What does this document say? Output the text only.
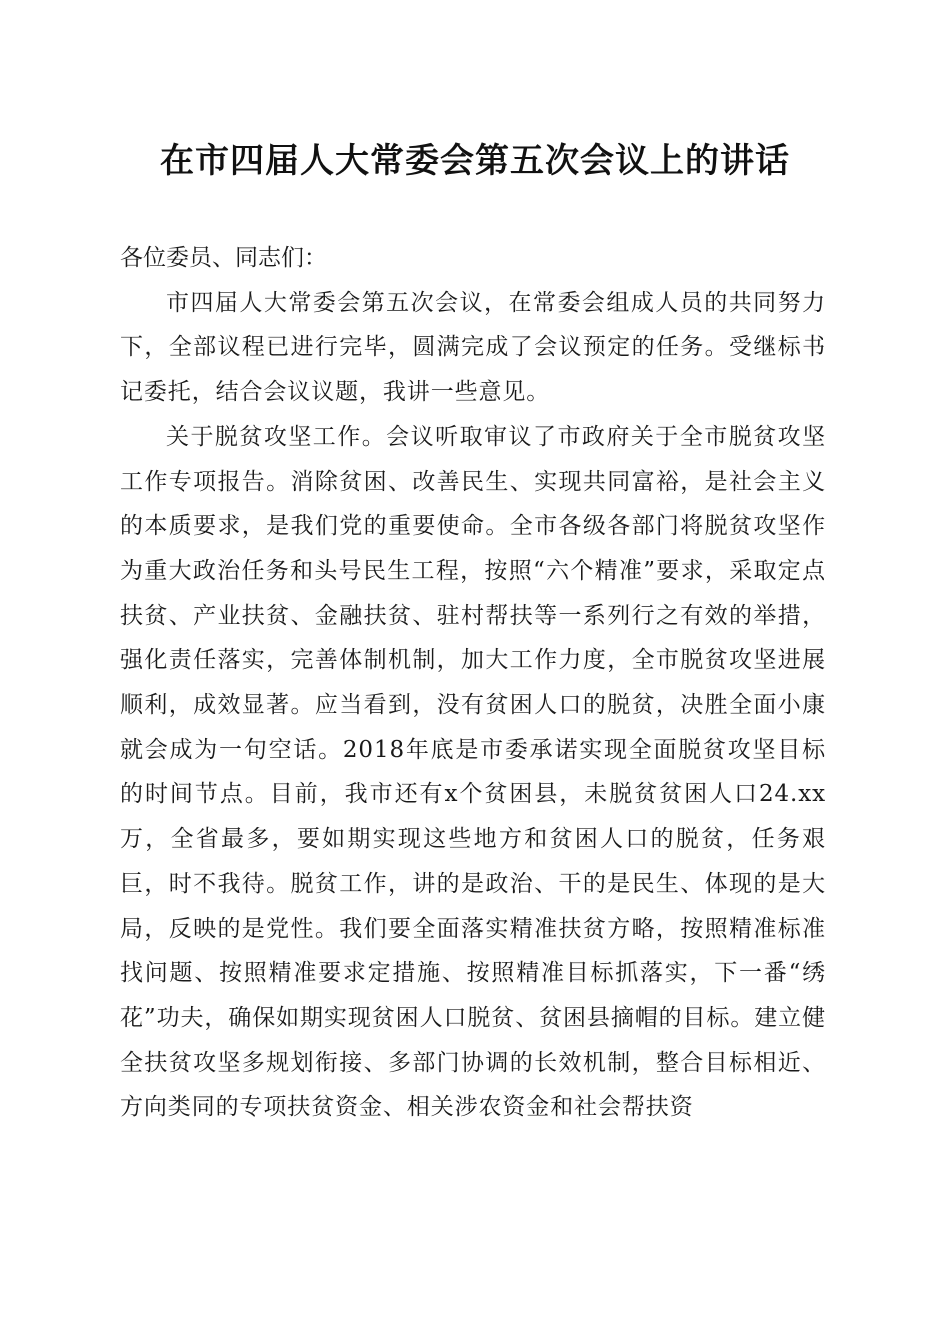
在市四届人大常委会第五次会议上的讲话

各位委员、同志们：

市四届人大常委会第五次会议，在常委会组成人员的共同努力下，全部议程已进行完毕，圆满完成了会议预定的任务。受继标书记委托，结合会议议题，我讲一些意见。

关于脱贫攻坚工作。会议听取审议了市政府关于全市脱贫攻坚工作专项报告。消除贫困、改善民生、实现共同富裕，是社会主义的本质要求，是我们党的重要使命。全市各级各部门将脱贫攻坚作为重大政治任务和头号民生工程，按照“六个精准”要求，采取定点扶贫、产业扶贫、金融扶贫、驻村帮扶等一系列行之有效的举措，强化责任落实，完善体制机制，加大工作力度，全市脱贫攻坚进展顺利，成效显著。应当看到，没有贫困人口的脱贫，决胜全面小康就会成为一句空话。2018年底是市委承诺实现全面脱贫攻坚目标的时间节点。目前，我市还有x个贫困县，未脱贫贫困人口24.xx万，全省最多，要如期实现这些地方和贫困人口的脱贫，任务艰巨，时不我待。脱贫工作，讲的是政治、干的是民生、体现的是大局，反映的是党性。我们要全面落实精准扶贫方略，按照精准标准找问题、按照精准要求定措施、按照精准目标抓落实，下一番“绣花”功夫，确保如期实现贫困人口脱贫、贫困县摘帽的目标。建立健全扶贫攻坚多规划衔接、多部门协调的长效机制，整合目标相近、方向类同的专项扶贫资金、相关涉农资金和社会帮扶资
